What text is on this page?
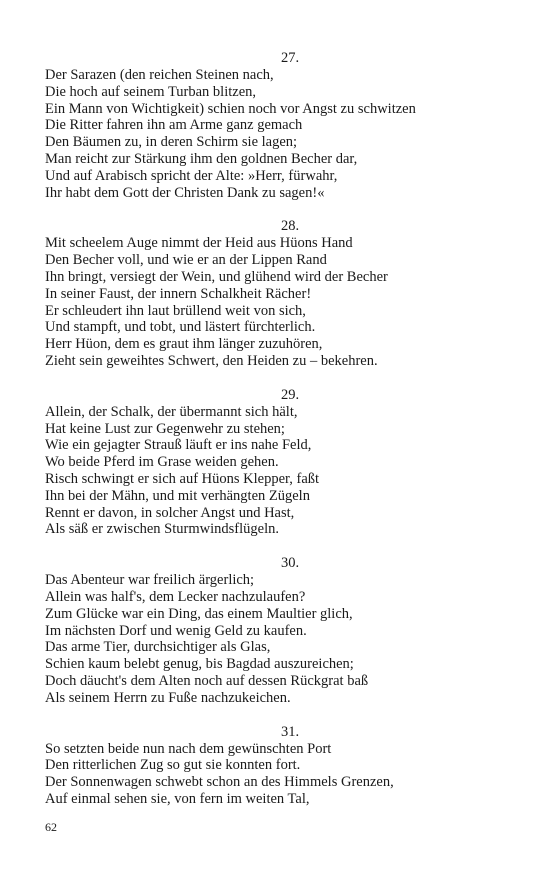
27.
Der Sarazen (den reichen Steinen nach,
Die hoch auf seinem Turban blitzen,
Ein Mann von Wichtigkeit) schien noch vor Angst zu schwitzen
Die Ritter fahren ihn am Arme ganz gemach
Den Bäumen zu, in deren Schirm sie lagen;
Man reicht zur Stärkung ihm den goldnen Becher dar,
Und auf Arabisch spricht der Alte: »Herr, fürwahr,
Ihr habt dem Gott der Christen Dank zu sagen!«
28.
Mit scheelem Auge nimmt der Heid aus Hüons Hand
Den Becher voll, und wie er an der Lippen Rand
Ihn bringt, versiegt der Wein, und glühend wird der Becher
In seiner Faust, der innern Schalkheit Rächer!
Er schleudert ihn laut brüllend weit von sich,
Und stampft, und tobt, und lästert fürchterlich.
Herr Hüon, dem es graut ihm länger zuzuhören,
Zieht sein geweihtes Schwert, den Heiden zu – bekehren.
29.
Allein, der Schalk, der übermannt sich hält,
Hat keine Lust zur Gegenwehr zu stehen;
Wie ein gejagter Strauß läuft er ins nahe Feld,
Wo beide Pferd im Grase weiden gehen.
Risch schwingt er sich auf Hüons Klepper, faßt
Ihn bei der Mähn, und mit verhängten Zügeln
Rennt er davon, in solcher Angst und Hast,
Als säß er zwischen Sturmwindsflügeln.
30.
Das Abenteur war freilich ärgerlich;
Allein was half's, dem Lecker nachzulaufen?
Zum Glücke war ein Ding, das einem Maultier glich,
Im nächsten Dorf und wenig Geld zu kaufen.
Das arme Tier, durchsichtiger als Glas,
Schien kaum belebt genug, bis Bagdad auszureichen;
Doch däucht's dem Alten noch auf dessen Rückgrat baß
Als seinem Herrn zu Fuße nachzukeichen.
31.
So setzten beide nun nach dem gewünschten Port
Den ritterlichen Zug so gut sie konnten fort.
Der Sonnenwagen schwebt schon an des Himmels Grenzen,
Auf einmal sehen sie, von fern im weiten Tal,
62
